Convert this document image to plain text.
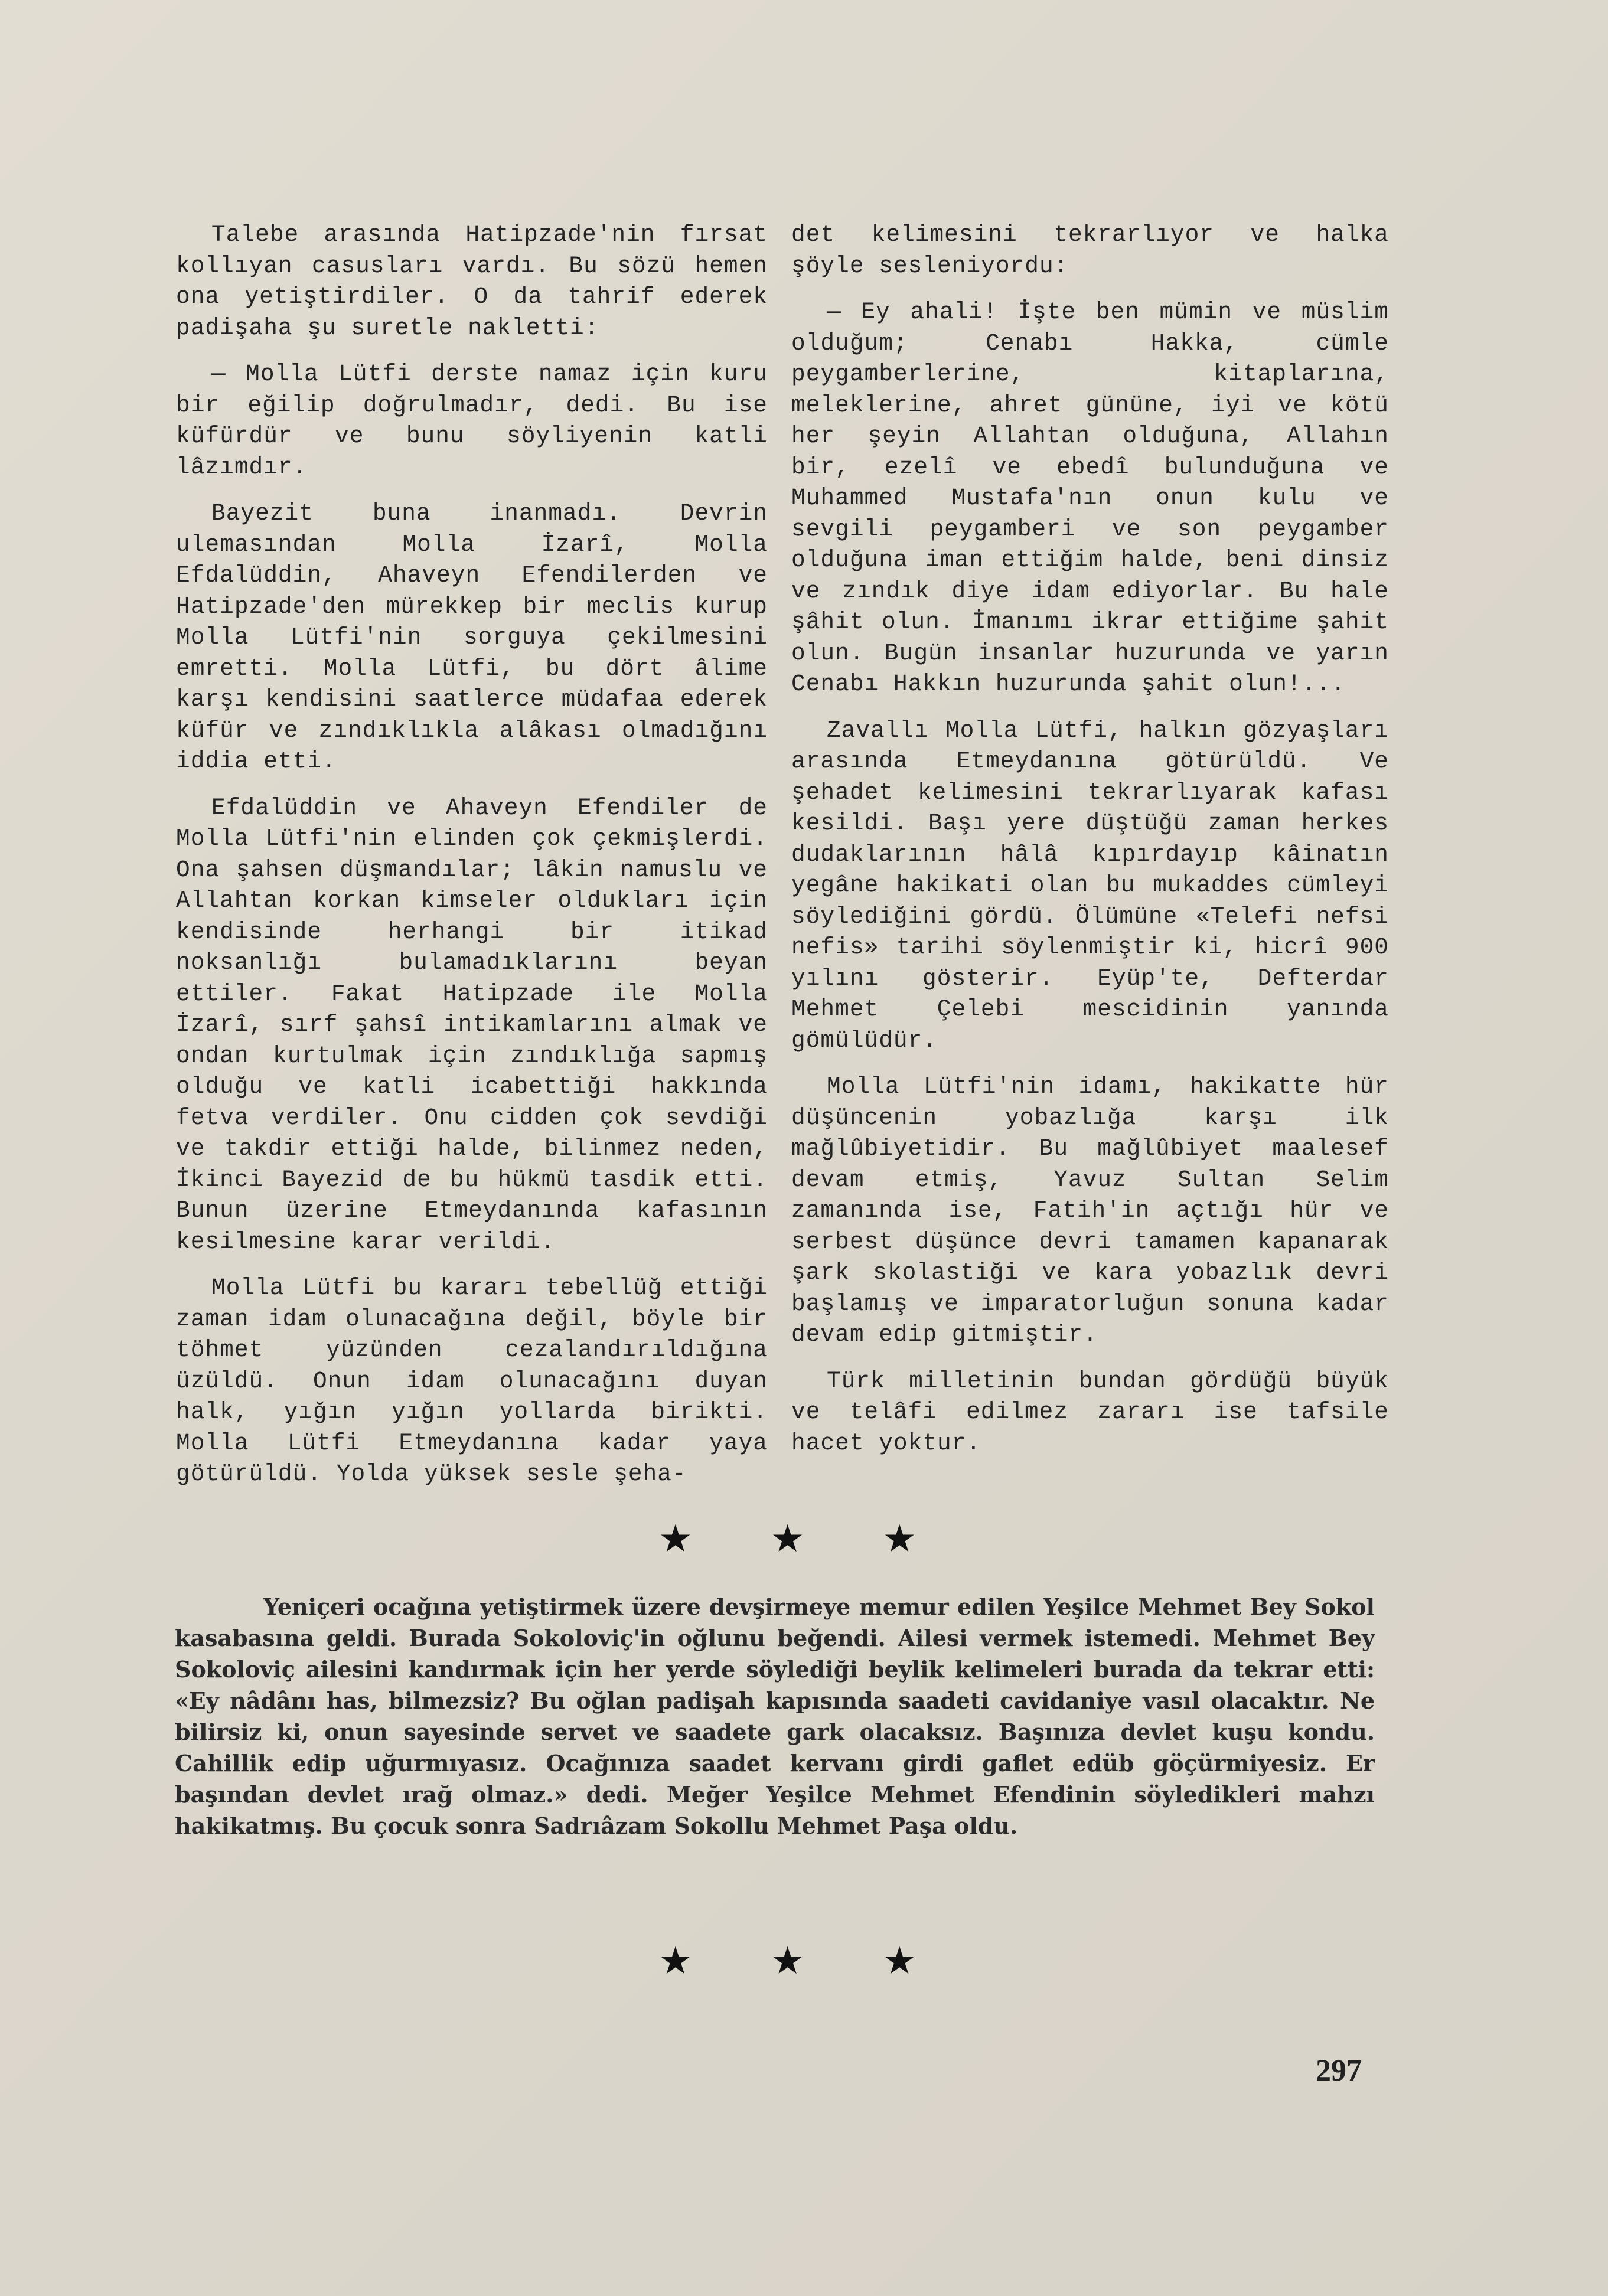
Talebe arasında Hatipzade'nin fırsat kollıyan casusları vardı. Bu sözü hemen ona yetiştirdiler. O da tahrif ederek padişaha şu suretle nakletti:

— Molla Lütfi derste namaz için kuru bir eğilip doğrulmadır, dedi. Bu ise küfürdür ve bunu söyliyenin katli lâzımdır.

Bayezit buna inanmadı. Devrin ulemasından Molla İzarî, Molla Efdalüddin, Ahaveyn Efendilerden ve Hatipzade'den mürekkep bir meclis kurup Molla Lütfi'nin sorguya çekilmesini emretti. Molla Lütfi, bu dört âlime karşı kendisini saatlerce müdafaa ederek küfür ve zındıklıkla alâkası olmadığını iddia etti.

Efdalüddin ve Ahaveyn Efendiler de Molla Lütfi'nin elinden çok çekmişlerdi. Ona şahsen düşmandılar; lâkin namuslu ve Allahtan korkan kimseler oldukları için kendisinde herhangi bir itikad noksanlığı bulamadıklarını beyan ettiler. Fakat Hatipzade ile Molla İzarî, sırf şahsî intikamlarını almak ve ondan kurtulmak için zındıklığa sapmış olduğu ve katli icabettiği hakkında fetva verdiler. Onu cidden çok sevdiği ve takdir ettiği halde, bilinmez neden, İkinci Bayezid de bu hükmü tasdik etti. Bunun üzerine Etmeydanında kafasının kesilmesine karar verildi.

Molla Lütfi bu kararı tebellüğ ettiği zaman idam olunacağına değil, böyle bir töhmet yüzünden cezalandırıldığına üzüldü. Onun idam olunacağını duyan halk, yığın yığın yollarda birikti. Molla Lütfi Etmeydanına kadar yaya götürüldü. Yolda yüksek sesle şeha-

det kelimesini tekrarlıyor ve halka şöyle sesleniyordu:

— Ey ahali! İşte ben mümin ve müslim olduğum; Cenabı Hakka, cümle peygamberlerine, kitaplarına, meleklerine, ahret gününe, iyi ve kötü her şeyin Allahtan olduğuna, Allahın bir, ezelî ve ebedî bulunduğuna ve Muhammed Mustafa'nın onun kulu ve sevgili peygamberi ve son peygamber olduğuna iman ettiğim halde, beni dinsiz ve zındık diye idam ediyorlar. Bu hale şâhit olun. İmanımı ikrar ettiğime şahit olun. Bugün insanlar huzurunda ve yarın Cenabı Hakkın huzurunda şahit olun!...

Zavallı Molla Lütfi, halkın gözyaşları arasında Etmeydanına götürüldü. Ve şehadet kelimesini tekrarlıyarak kafası kesildi. Başı yere düştüğü zaman herkes dudaklarının hâlâ kıpırdayıp kâinatın yegâne hakikati olan bu mukaddes cümleyi söylediğini gördü. Ölümüne «Telefi nefsi nefis» tarihi söylenmiştir ki, hicrî 900 yılını gösterir. Eyüp'te, Defterdar Mehmet Çelebi mescidinin yanında gömülüdür.

Molla Lütfi'nin idamı, hakikatte hür düşüncenin yobazlığa karşı ilk mağlûbiyetidir. Bu mağlûbiyet maalesef devam etmiş, Yavuz Sultan Selim zamanında ise, Fatih'in açtığı hür ve serbest düşünce devri tamamen kapanarak şark skolastiği ve kara yobazlık devri başlamış ve imparatorluğun sonuna kadar devam edip gitmiştir.

Türk milletinin bundan gördüğü büyük ve telâfi edilmez zararı ise tafsile hacet yoktur.

★ ★ ★
Yeniçeri ocağına yetiştirmek üzere devşirmeye memur edilen Yeşilce Mehmet Bey Sokol kasabasına geldi. Burada Sokoloviç'in oğlunu beğendi. Ailesi vermek istemedi. Mehmet Bey Sokoloviç ailesini kandırmak için her yerde söylediği beylik kelimeleri burada da tekrar etti: «Ey nâdânı has, bilmezsiz? Bu oğlan padişah kapısında saadeti cavidaniye vasıl olacaktır. Ne bilirsiz ki, onun sayesinde servet ve saadete gark olacaksız. Başınıza devlet kuşu kondu. Cahillik edip uğurmıyasız. Ocağınıza saadet kervanı girdi gaflet edüb göçürmiyesiz. Er başından devlet ırağ olmaz.» dedi. Meğer Yeşilce Mehmet Efendinin söyledikleri mahzı hakikatmış. Bu çocuk sonra Sadrıâzam Sokollu Mehmet Paşa oldu.
★ ★ ★
297
